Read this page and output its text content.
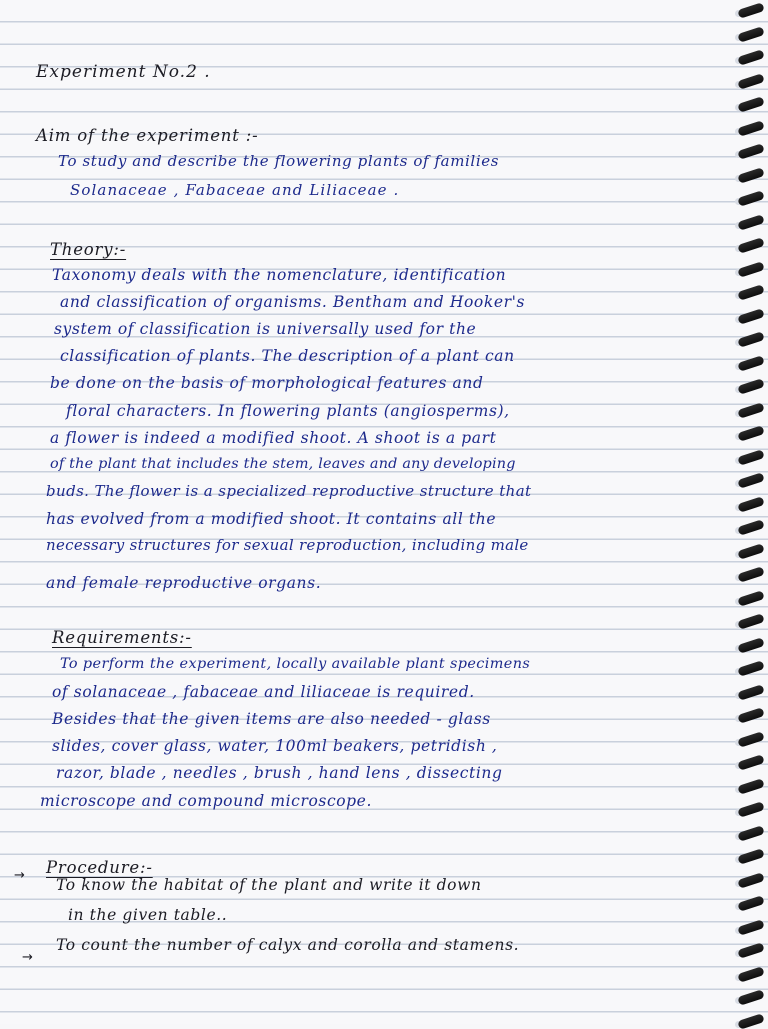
Experiment No.2 .
Aim of the experiment :-
To study and describe the flowering plants of families
Solanaceae , Fabaceae and Liliaceae .
Theory:-
Taxonomy deals with the nomenclature, identification
and classification of organisms. Bentham and Hooker's
system of classification is universally used for the
classification of plants. The description of a plant can
be done on the basis of morphological features and
floral characters. In flowering plants (angiosperms),
a flower is indeed a modified shoot. A shoot is a part
of the plant that includes the stem, leaves and any developing
buds. The flower is a specialized reproductive structure that
has evolved from a modified shoot. It contains all the
necessary structures for sexual reproduction, including male
and female reproductive organs.
Requirements:-
To perform the experiment, locally available plant specimens
of solanaceae , fabaceae and liliaceae is required.
Besides that the given items are also needed - glass
slides, cover glass, water, 100ml beakers, petridish ,
razor, blade , needles , brush , hand lens , dissecting
microscope and compound microscope.
Procedure:-
→
To know the habitat of the plant and write it down
in the given table..
→
To count the number of calyx and corolla and stamens.
